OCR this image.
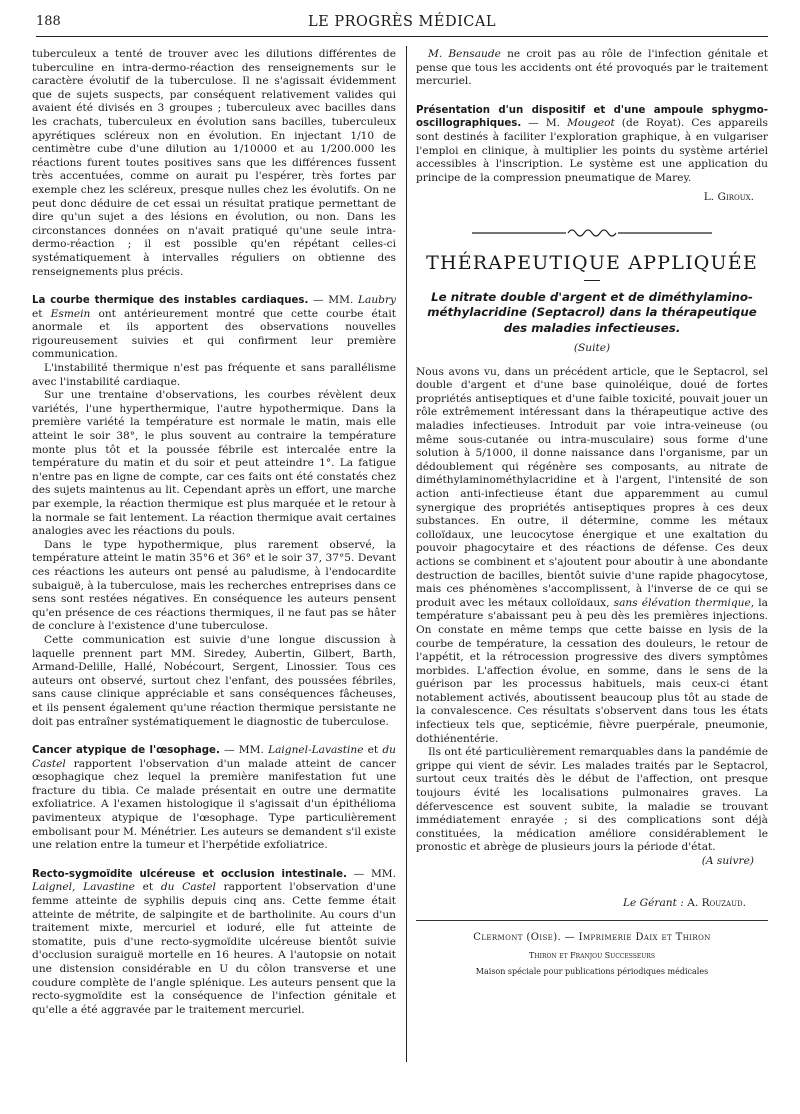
188	LE PROGRÈS MÉDICAL

tuberculeux a tenté de trouver avec les dilutions différentes de tuberculine en intra-dermo-réaction des renseignements sur le caractère évolutif de la tuberculose. Il ne s'agissait évidemment que de sujets suspects, par conséquent relativement valides qui avaient été divisés en 3 groupes ; tuberculeux avec bacilles dans les crachats, tuberculeux en évolution sans bacilles, tuberculeux apyrétiques scléreux non en évolution. En injectant 1/10 de centimètre cube d'une dilution au 1/10000 et au 1/200.000 les réactions furent toutes positives sans que les différences fussent très accentuées, comme on aurait pu l'espérer, très fortes par exemple chez les scléreux, presque nulles chez les évolutifs. On ne peut donc déduire de cet essai un résultat pratique permettant de dire qu'un sujet a des lésions en évolution, ou non. Dans les circonstances données on n'avait pratiqué qu'une seule intra-dermo-réaction ; il est possible qu'en répétant celles-ci systématiquement à intervalles réguliers on obtienne des renseignements plus précis.

La courbe thermique des instables cardiaques. — MM. Laubry et Esmein ont antérieurement montré que cette courbe était anormale et ils apportent des observations nouvelles rigoureusement suivies et qui confirment leur première communication.

L'instabilité thermique n'est pas fréquente et sans parallélisme avec l'instabilité cardiaque.

Sur une trentaine d'observations, les courbes révèlent deux variétés, l'une hyperthermique, l'autre hypothermique. Dans la première variété la température est normale le matin, mais elle atteint le soir 38°, le plus souvent au contraire la température monte plus tôt et la poussée fébrile est intercalée entre la température du matin et du soir et peut atteindre 1°. La fatigue n'entre pas en ligne de compte, car ces faits ont été constatés chez des sujets maintenus au lit. Cependant après un effort, une marche par exemple, la réaction thermique est plus marquée et le retour à la normale se fait lentement. La réaction thermique avait certaines analogies avec les réactions du pouls.

Dans le type hypothermique, plus rarement observé, la température atteint le matin 35°6 et 36° et le soir 37, 37°5. Devant ces réactions les auteurs ont pensé au paludisme, à l'endocardite subaiguë, à la tuberculose, mais les recherches entreprises dans ce sens sont restées négatives. En conséquence les auteurs pensent qu'en présence de ces réactions thermiques, il ne faut pas se hâter de conclure à l'existence d'une tuberculose.

Cette communication est suivie d'une longue discussion à laquelle prennent part MM. Siredey, Aubertin, Gilbert, Barth, Armand-Delille, Hallé, Nobécourt, Sergent, Linossier. Tous ces auteurs ont observé, surtout chez l'enfant, des poussées fébriles, sans cause clinique appréciable et sans conséquences fâcheuses, et ils pensent également qu'une réaction thermique persistante ne doit pas entraîner systématiquement le diagnostic de tuberculose.

Cancer atypique de l'œsophage. — MM. Laignel-Lavastine et du Castel rapportent l'observation d'un malade atteint de cancer œsophagique chez lequel la première manifestation fut une fracture du tibia. Ce malade présentait en outre une dermatite exfoliatrice. A l'examen histologique il s'agissait d'un épithélioma pavimenteux atypique de l'œsophage. Type particulièrement embolisant pour M. Ménétrier. Les auteurs se demandent s'il existe une relation entre la tumeur et l'herpétide exfoliatrice.

Recto-sygmoïdite ulcéreuse et occlusion intestinale. — MM. Laignel, Lavastine et du Castel rapportent l'observation d'une femme atteinte de syphilis depuis cinq ans. Cette femme était atteinte de métrite, de salpingite et de bartholinite. Au cours d'un traitement mixte, mercuriel et ioduré, elle fut atteinte de stomatite, puis d'une recto-sygmoïdite ulcéreuse bientôt suivie d'occlusion suraiguë mortelle en 16 heures. A l'autopsie on notait une distension considérable en U du côlon transverse et une coudure complète de l'angle splénique. Les auteurs pensent que la recto-sygmoïdite est la conséquence de l'infection génitale et qu'elle a été aggravée par le traitement mercuriel.

M. Bensaude ne croit pas au rôle de l'infection génitale et pense que tous les accidents ont été provoqués par le traitement mercuriel.

Présentation d'un dispositif et d'une ampoule sphygmo-oscillographiques. — M. Mougeot (de Royat). Ces appareils sont destinés à faciliter l'exploration graphique, à en vulgariser l'emploi en clinique, à multiplier les points du système artériel accessibles à l'inscription. Le système est une application du principe de la compression pneumatique de Marey.

L. Giroux.
THÉRAPEUTIQUE APPLIQUÉE
Le nitrate double d'argent et de diméthylamino-méthylacridine (Septacrol) dans la thérapeutique des maladies infectieuses.
(Suite)

Nous avons vu, dans un précédent article, que le Septacrol, sel double d'argent et d'une base quinoléique, doué de fortes propriétés antiseptiques et d'une faible toxicité, pouvait jouer un rôle extrêmement intéressant dans la thérapeutique active des maladies infectieuses. Introduit par voie intra-veineuse (ou même sous-cutanée ou intra-musculaire) sous forme d'une solution à 5/1000, il donne naissance dans l'organisme, par un dédoublement qui régénère ses composants, au nitrate de diméthylaminométhylacridine et à l'argent, l'intensité de son action anti-infectieuse étant due apparemment au cumul synergique des propriétés antiseptiques propres à ces deux substances. En outre, il détermine, comme les métaux colloïdaux, une leucocytose énergique et une exaltation du pouvoir phagocytaire et des réactions de défense. Ces deux actions se combinent et s'ajoutent pour aboutir à une abondante destruction de bacilles, bientôt suivie d'une rapide phagocytose, mais ces phénomènes s'accomplissent, à l'inverse de ce qui se produit avec les métaux colloïdaux,

sans élévation thermique, la température s'abaissant peu à peu dès les premières injections. On constate en même temps que cette baisse en lysis de la courbe de température, la cessation des douleurs, le retour de l'appétit, et la rétrocession progressive des divers symptômes morbides. L'affection évolue, en somme, dans le sens de la guérison par les processus habituels, mais ceux-ci étant notablement activés, aboutissent beaucoup plus tôt au stade de la convalescence. Ces résultats s'observent dans tous les états infectieux tels que, septicémie, fièvre puerpérale, pneumonie, dothiénentérie.

Ils ont été particulièrement remarquables dans la pandémie de grippe qui vient de sévir. Les malades traités par le Septacrol, surtout ceux traités dès le début de l'affection, ont presque toujours évité les localisations pulmonaires graves. La défervescence est souvent subite, la maladie se trouvant immédiatement enrayée ; si des complications sont déjà constituées, la médication améliore considérablement le pronostic et abrège de plusieurs jours la période d'état.

(A suivre)
Le Gérant : A. Rouzaud.
Clermont (Oise). — Imprimerie Daix et Thiron
Thiron et Franjou Successeurs
Maison spéciale pour publications périodiques médicales
